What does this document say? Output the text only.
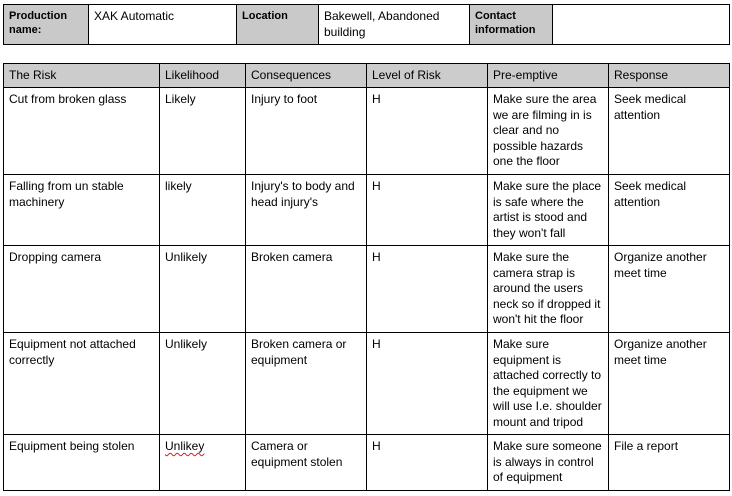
Production name:	XAK Automatic	Location	Bakewell, Abandoned building	Contact information	
The Risk	Likelihood	Consequences	Level of Risk	Pre-emptive	Response
Cut from broken glass	Likely	Injury to foot	H	Make sure the area we are filming in is clear and no possible hazards one the floor	Seek medical attention
Falling from un stable machinery	likely	Injury's to body and head injury's	H	Make sure the place is safe where the artist is stood and they won't fall	Seek medical attention
Dropping camera	Unlikely	Broken camera	H	Make sure the camera strap is around the users neck so if dropped it won't hit the floor	Organize another meet time
Equipment not attached correctly	Unlikely	Broken camera or equipment	H	Make sure equipment is attached correctly to the equipment we will use I.e. shoulder mount and tripod	Organize another meet time
Equipment being stolen	Unlikey	Camera or equipment stolen	H	Make sure someone is always in control of equipment	File a report
